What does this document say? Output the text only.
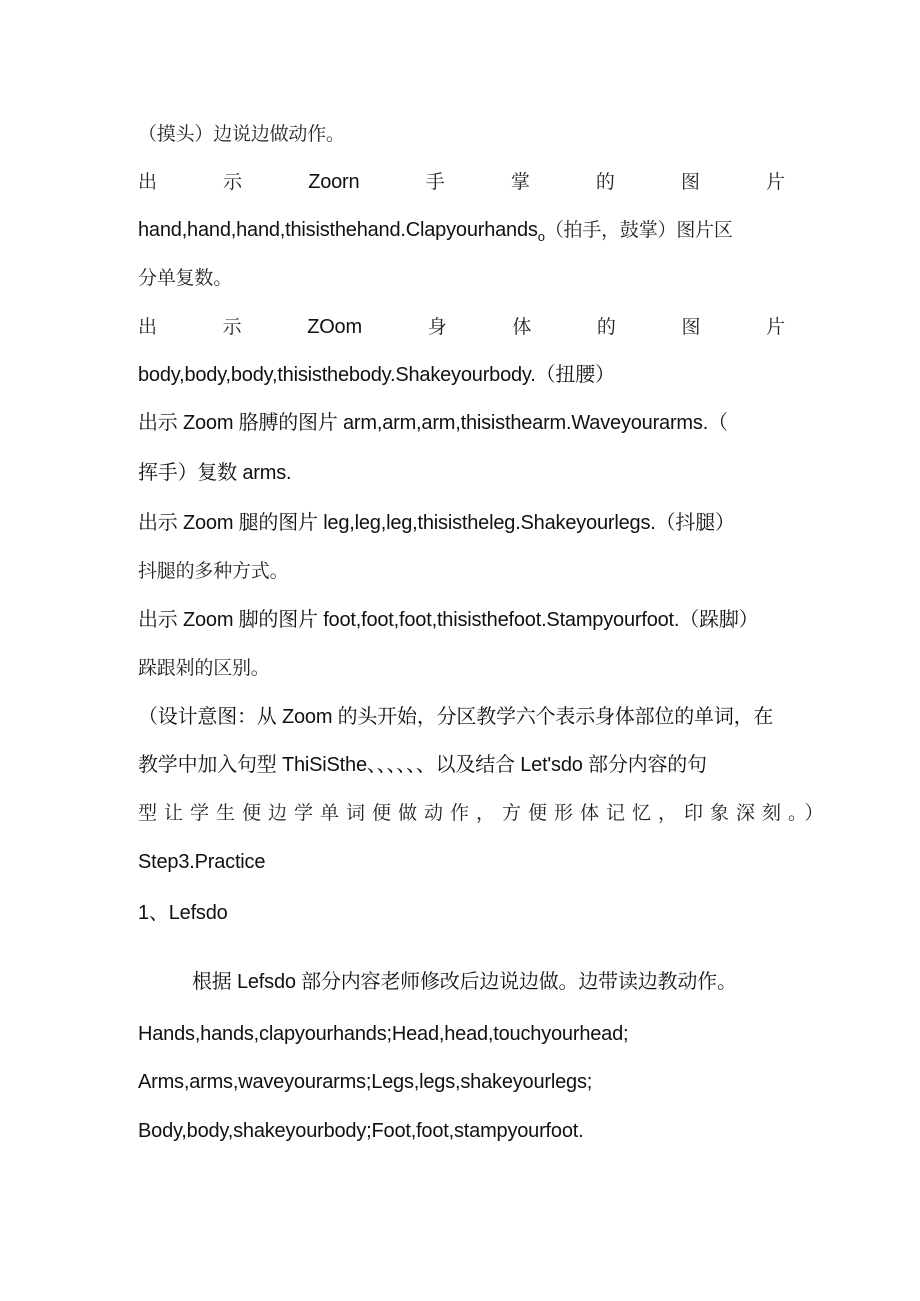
（摸头）边说边做动作。
出	示	Zoorn	手	掌	的	图	片
hand,hand,hand,thisisthehand.Clapyourhands$_o$（拍手，鼓掌）图片区
分单复数。
出	示	ZOom	身	体	的	图	片
body,body,body,thisisthebody.Shakeyourbody.（扭腰）
出示 Zoom 胳膊的图片 arm,arm,arm,thisisthearm.Waveyourarms.（
挥手）复数 arms.
出示 Zoom 腿的图片 leg,leg,leg,thisistheleg.Shakeyourlegs.（抖腿）
抖腿的多种方式。
出示 Zoom 脚的图片 foot,foot,foot,thisisthefoot.Stampyourfoot.（跺脚）
跺跟剁的区别。
（设计意图：从 Zoom 的头开始，分区教学六个表示身体部位的单词，在
教学中加入句型 ThiSiSthe、、、、、、以及结合 Let'sdo 部分内容的句
型让学生便边学单词便做动作，方便形体记忆，印象深刻。）
Step3.Practice
1、Lefsdo
根据 Lefsdo 部分内容老师修改后边说边做。边带读边教动作。
Hands,hands,clapyourhands;Head,head,touchyourhead;
Arms,arms,waveyourarms;Legs,legs,shakeyourlegs;
Body,body,shakeyourbody;Foot,foot,stampyourfoot.
